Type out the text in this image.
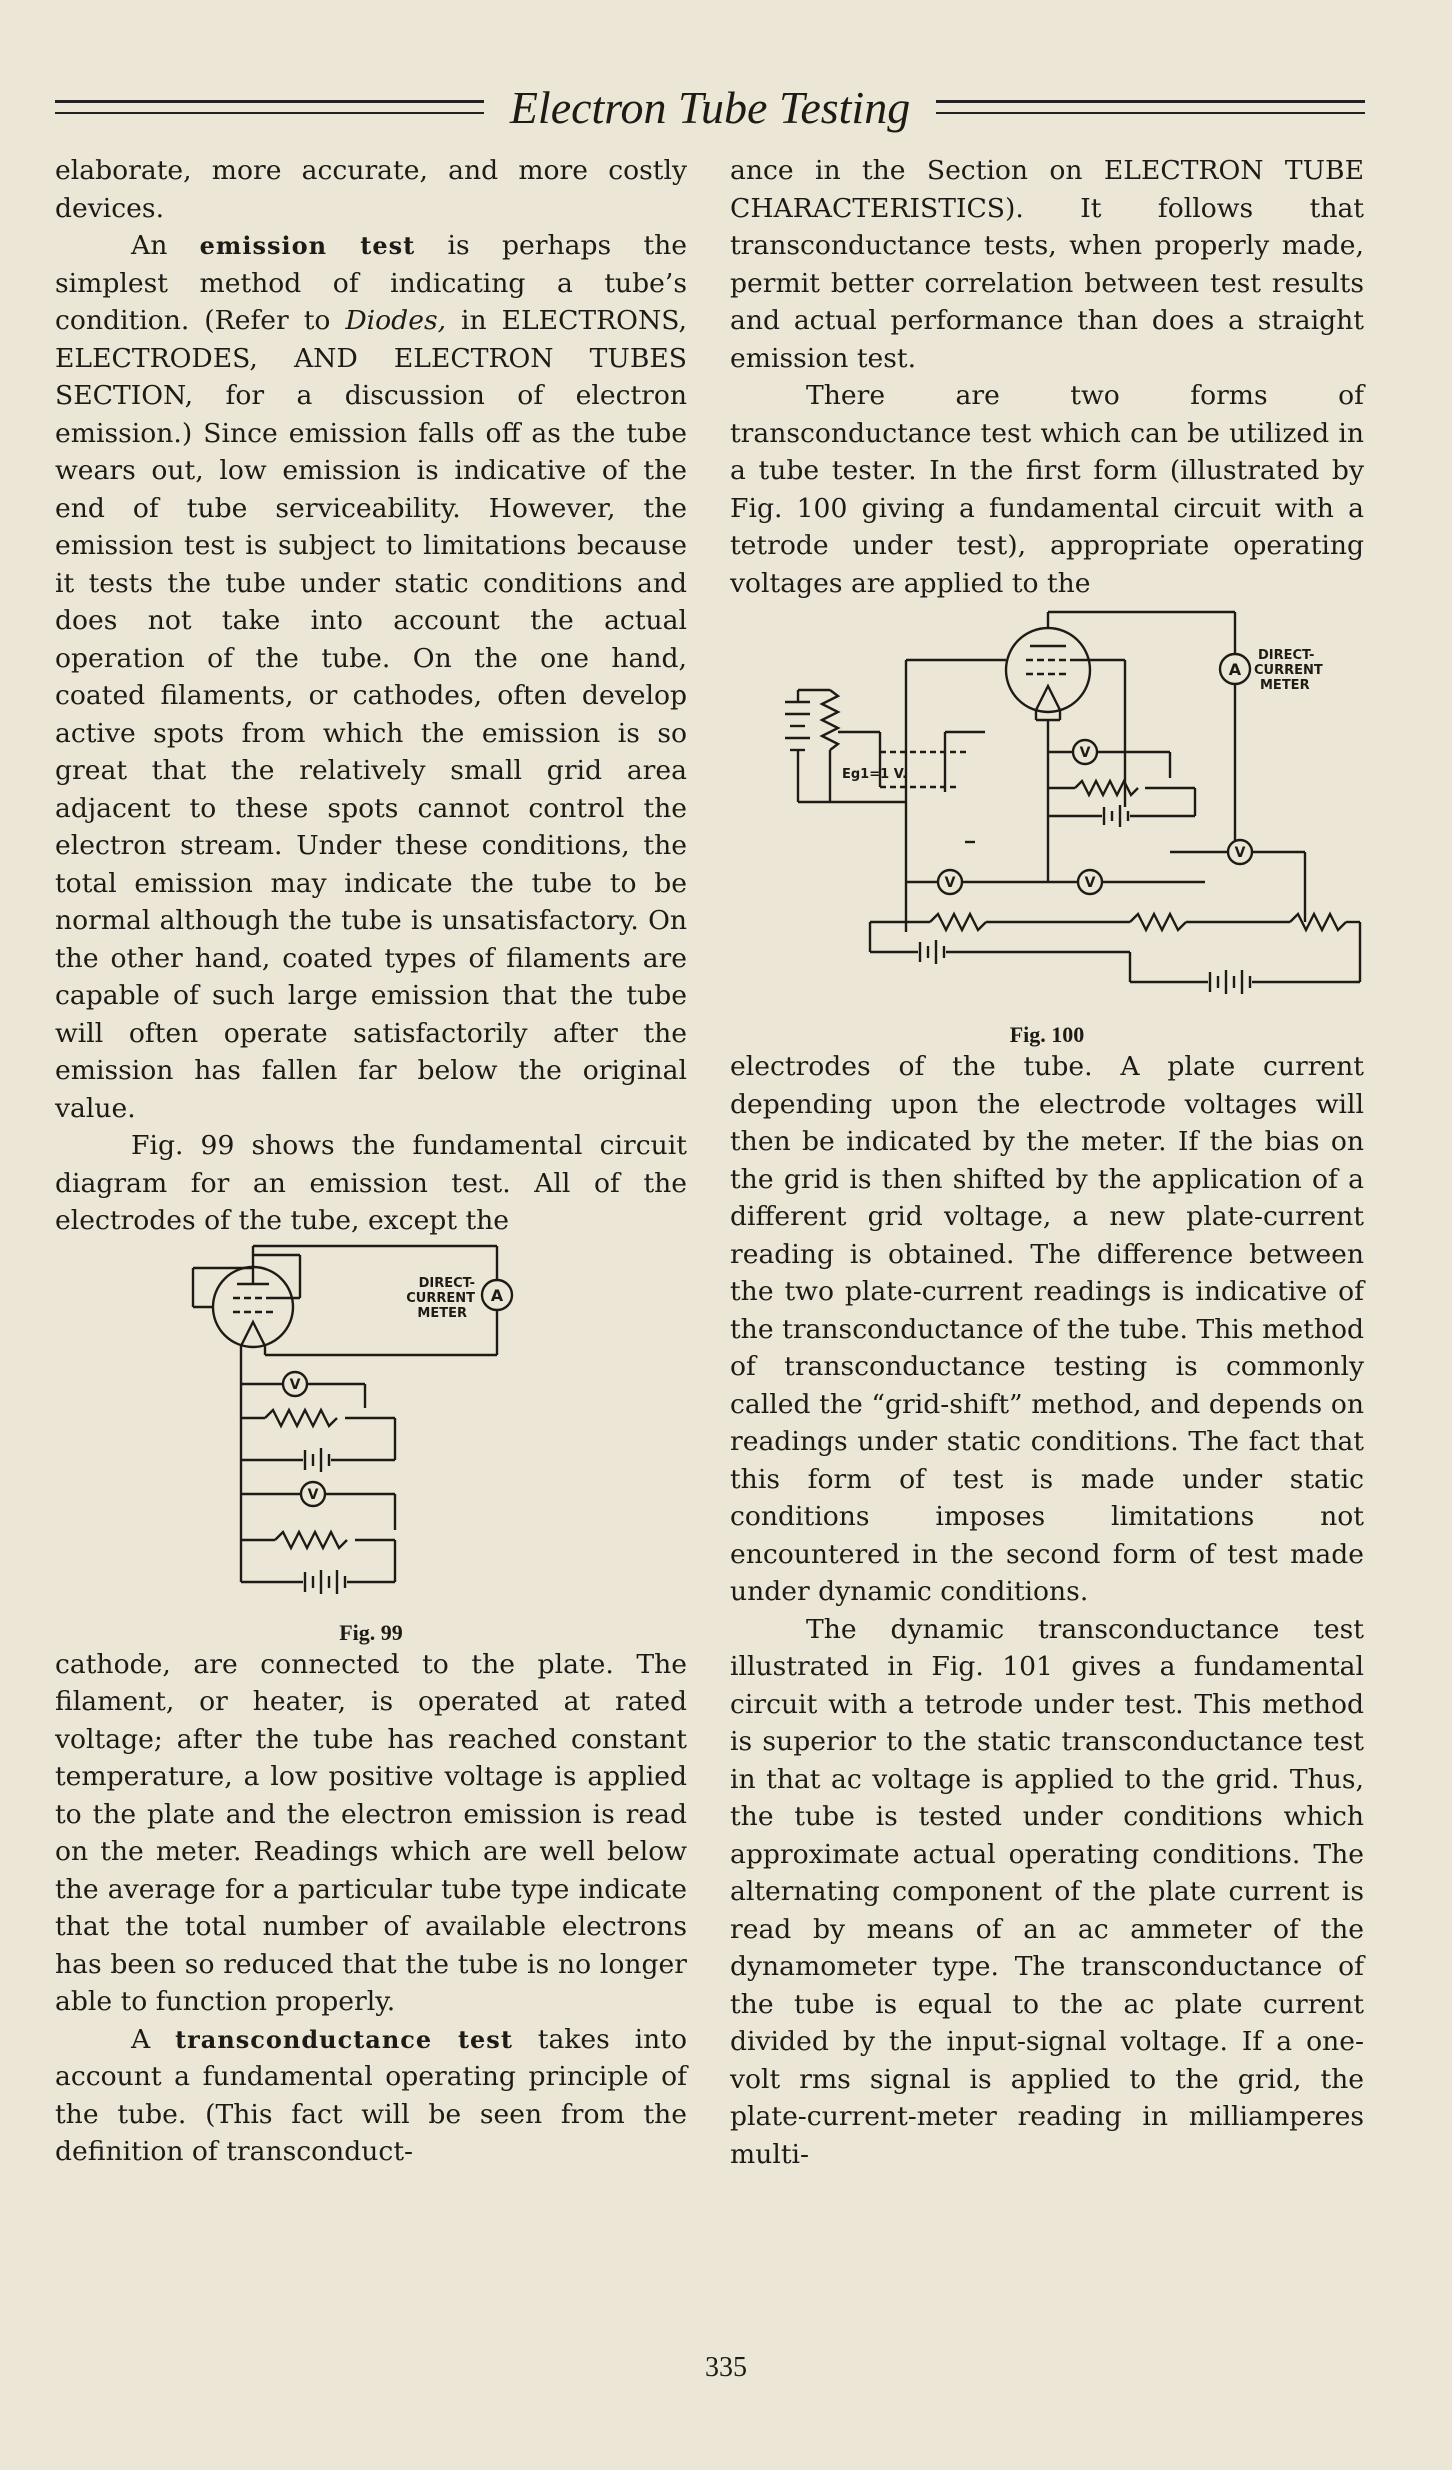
Electron Tube Testing

elaborate, more accurate, and more costly devices.

An emission test is perhaps the simplest method of indicating a tube’s condition. (Refer to Diodes, in ELECTRONS, ELECTRODES, AND ELECTRON TUBES SECTION, for a discussion of electron emission.) Since emission falls off as the tube wears out, low emission is indicative of the end of tube serviceability. However, the emission test is subject to limitations because it tests the tube under static conditions and does not take into account the actual operation of the tube. On the one hand, coated filaments, or cathodes, often develop active spots from which the emission is so great that the relatively small grid area adjacent to these spots cannot control the electron stream. Under these conditions, the total emission may indicate the tube to be normal although the tube is unsatisfactory. On the other hand, coated types of filaments are capable of such large emission that the tube will often operate satisfactorily after the emission has fallen far below the original value.

Fig. 99 shows the fundamental circuit diagram for an emission test. All of the electrodes of the tube, except the

V
V
A
DIRECT-
CURRENT
METER
Fig. 99

cathode, are connected to the plate. The filament, or heater, is operated at rated voltage; after the tube has reached constant temperature, a low positive voltage is applied to the plate and the electron emission is read on the meter. Readings which are well below the average for a particular tube type indicate that the total number of available electrons has been so reduced that the tube is no longer able to function properly.

A transconductance test takes into account a fundamental operating principle of the tube. (This fact will be seen from the definition of transconduct-

ance in the Section on ELECTRON TUBE CHARACTERISTICS). It follows that transconductance tests, when properly made, permit better correlation between test results and actual performance than does a straight emission test.

There are two forms of transconductance test which can be utilized in a tube tester. In the first form (illustrated by Fig. 100 giving a fundamental circuit with a tetrode under test), appropriate operating voltages are applied to the

A
DIRECT-
CURRENT
METER
V
V	V
V
Eg1=1 V.
Fig. 100

electrodes of the tube. A plate current depending upon the electrode voltages will then be indicated by the meter. If the bias on the grid is then shifted by the application of a different grid voltage, a new plate-current reading is obtained. The difference between the two plate-current readings is indicative of the transconductance of the tube. This method of transconductance testing is commonly called the “grid-shift” method, and depends on readings under static conditions. The fact that this form of test is made under static conditions imposes limitations not encountered in the second form of test made under dynamic conditions.

The dynamic transconductance test illustrated in Fig. 101 gives a fundamental circuit with a tetrode under test. This method is superior to the static transconductance test in that ac voltage is applied to the grid. Thus, the tube is tested under conditions which approximate actual operating conditions. The alternating component of the plate current is read by means of an ac ammeter of the dynamometer type. The transconductance of the tube is equal to the ac plate current divided by the input-signal voltage. If a one-volt rms signal is applied to the grid, the plate-current-meter reading in milliamperes multi-

335
